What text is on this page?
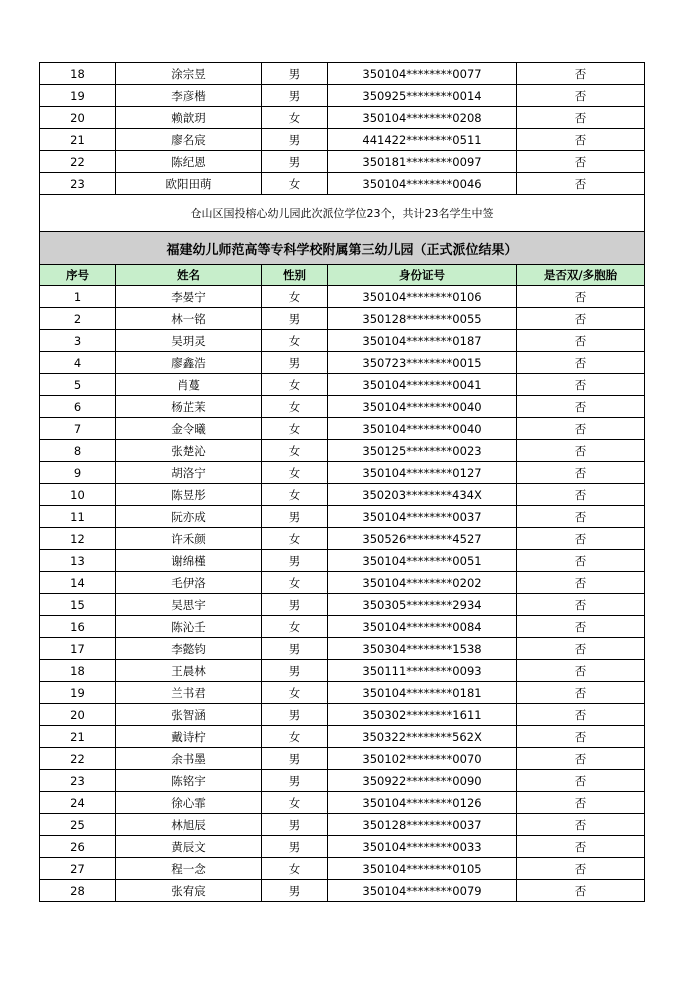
18	涂宗昱	男	350104********0077	否
19	李彦楷	男	350925********0014	否
20	赖歆玥	女	350104********0208	否
21	廖名宸	男	441422********0511	否
22	陈纪恩	男	350181********0097	否
23	欧阳田萌	女	350104********0046	否
仓山区国投榕心幼儿园此次派位学位23个，共计23名学生中签				
福建幼儿师范高等专科学校附属第三幼儿园（正式派位结果）				
序号	姓名	性别	身份证号	是否双/多胞胎
1	李晏宁	女	350104********0106	否
2	林一铭	男	350128********0055	否
3	吴玥灵	女	350104********0187	否
4	廖鑫浩	男	350723********0015	否
5	肖蔓	女	350104********0041	否
6	杨芷茉	女	350104********0040	否
7	金令曦	女	350104********0040	否
8	张楚沁	女	350125********0023	否
9	胡洛宁	女	350104********0127	否
10	陈昱彤	女	350203********434X	否
11	阮亦成	男	350104********0037	否
12	许禾颜	女	350526********4527	否
13	谢绵槿	男	350104********0051	否
14	毛伊洛	女	350104********0202	否
15	吴思宇	男	350305********2934	否
16	陈沁壬	女	350104********0084	否
17	李懿钧	男	350304********1538	否
18	王晨林	男	350111********0093	否
19	兰书君	女	350104********0181	否
20	张智涵	男	350302********1611	否
21	戴诗柠	女	350322********562X	否
22	余书墨	男	350102********0070	否
23	陈铭宇	男	350922********0090	否
24	徐心霏	女	350104********0126	否
25	林旭辰	男	350128********0037	否
26	黄辰文	男	350104********0033	否
27	程一念	女	350104********0105	否
28	张宥宸	男	350104********0079	否
